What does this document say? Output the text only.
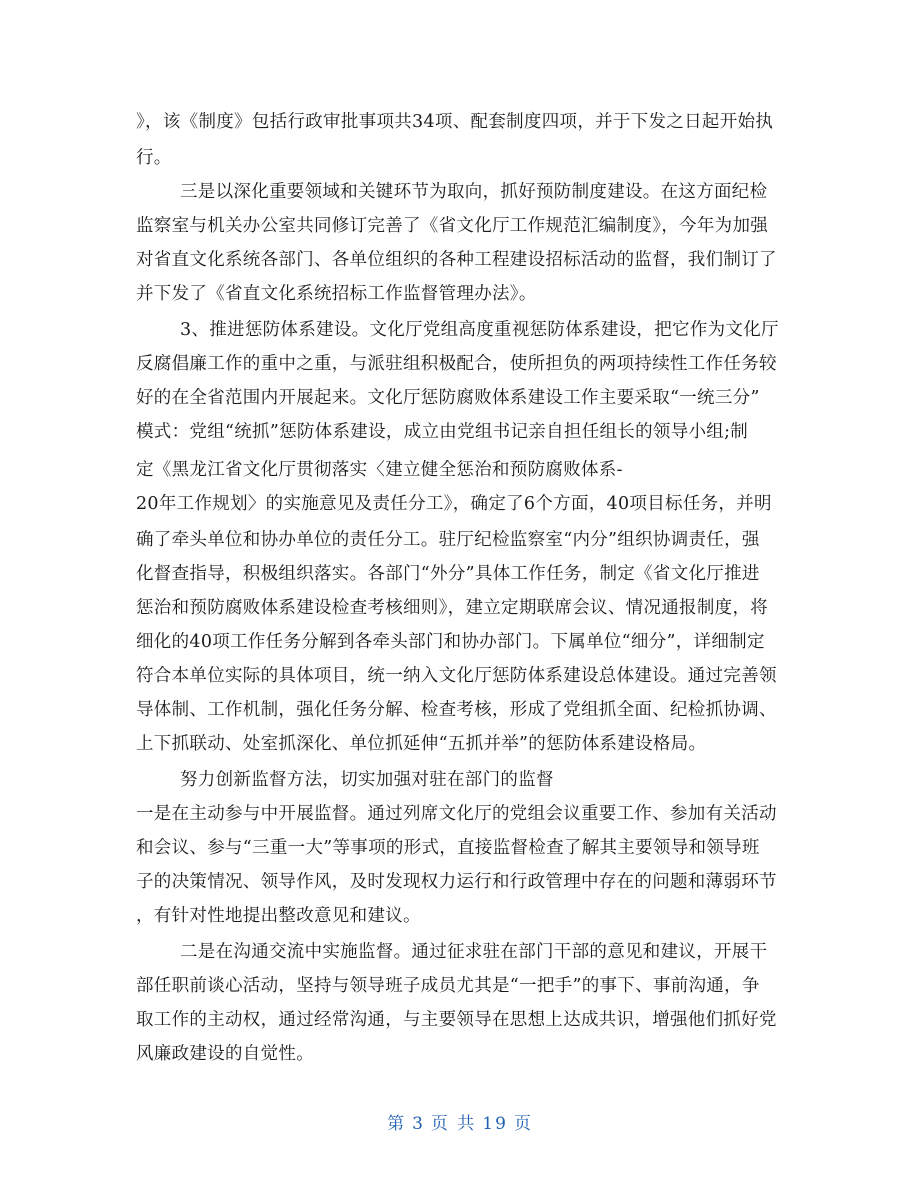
》，该《制度》包括行政审批事项共34项、配套制度四项，并于下发之日起开始执
行。
三是以深化重要领域和关键环节为取向，抓好预防制度建设。在这方面纪检
监察室与机关办公室共同修订完善了《省文化厅工作规范汇编制度》，今年为加强
对省直文化系统各部门、各单位组织的各种工程建设招标活动的监督，我们制订了
并下发了《省直文化系统招标工作监督管理办法》。
3、推进惩防体系建设。文化厅党组高度重视惩防体系建设，把它作为文化厅
反腐倡廉工作的重中之重，与派驻组积极配合，使所担负的两项持续性工作任务较
好的在全省范围内开展起来。文化厅惩防腐败体系建设工作主要采取“一统三分”
模式：党组“统抓”惩防体系建设，成立由党组书记亲自担任组长的领导小组;制
定《黑龙江省文化厅贯彻落实〈建立健全惩治和预防腐败体系-
20年工作规划〉的实施意见及责任分工》，确定了6个方面，40项目标任务，并明
确了牵头单位和协办单位的责任分工。驻厅纪检监察室“内分”组织协调责任，强
化督查指导，积极组织落实。各部门“外分”具体工作任务，制定《省文化厅推进
惩治和预防腐败体系建设检查考核细则》，建立定期联席会议、情况通报制度，将
细化的40项工作任务分解到各牵头部门和协办部门。下属单位“细分”，详细制定
符合本单位实际的具体项目，统一纳入文化厅惩防体系建设总体建设。通过完善领
导体制、工作机制，强化任务分解、检查考核，形成了党组抓全面、纪检抓协调、
上下抓联动、处室抓深化、单位抓延伸“五抓并举”的惩防体系建设格局。
努力创新监督方法，切实加强对驻在部门的监督
一是在主动参与中开展监督。通过列席文化厅的党组会议重要工作、参加有关活动
和会议、参与“三重一大”等事项的形式，直接监督检查了解其主要领导和领导班
子的决策情况、领导作风，及时发现权力运行和行政管理中存在的问题和薄弱环节
，有针对性地提出整改意见和建议。
二是在沟通交流中实施监督。通过征求驻在部门干部的意见和建议，开展干
部任职前谈心活动，坚持与领导班子成员尤其是“一把手”的事下、事前沟通，争
取工作的主动权，通过经常沟通，与主要领导在思想上达成共识，增强他们抓好党
风廉政建设的自觉性。
第 3 页 共 19 页
